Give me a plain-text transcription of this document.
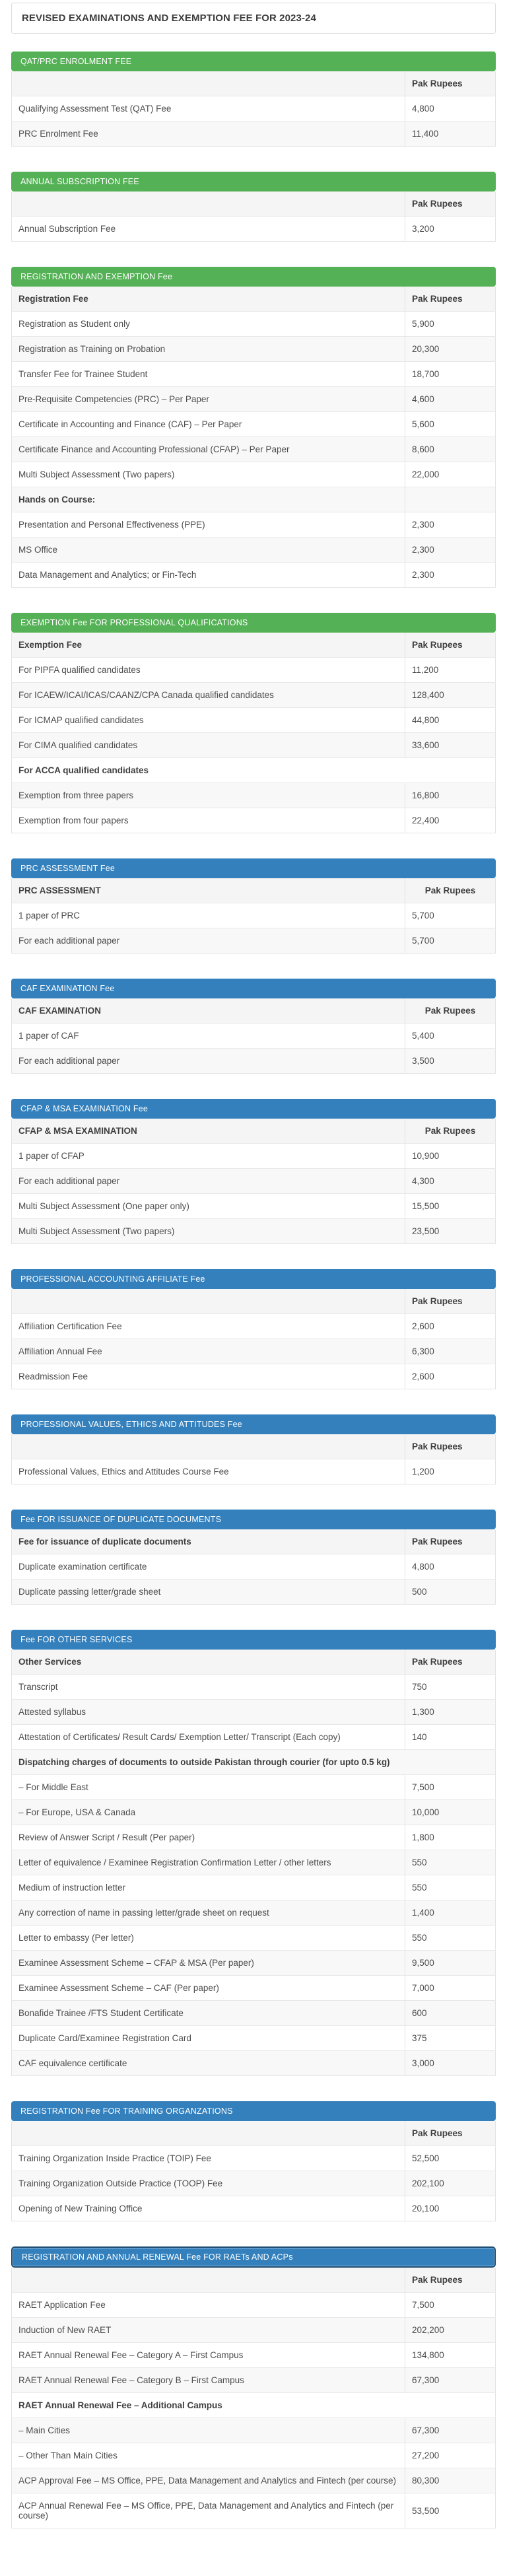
REVISED EXAMINATIONS AND EXEMPTION FEE FOR 2023-24
QAT/PRC ENROLMENT FEE
	Pak Rupees
Qualifying Assessment Test (QAT) Fee	4,800
PRC Enrolment Fee	11,400
ANNUAL SUBSCRIPTION FEE
	Pak Rupees
Annual Subscription Fee	3,200
REGISTRATION AND EXEMPTION Fee
Registration Fee	Pak Rupees
Registration as Student only	5,900
Registration as Training on Probation	20,300
Transfer Fee for Trainee Student	18,700
Pre-Requisite Competencies (PRC) – Per Paper	4,600
Certificate in Accounting and Finance (CAF) – Per Paper	5,600
Certificate Finance and Accounting Professional (CFAP) – Per Paper	8,600
Multi Subject Assessment (Two papers)	22,000
Hands on Course:	
Presentation and Personal Effectiveness (PPE)	2,300
MS Office	2,300
Data Management and Analytics; or Fin-Tech	2,300
EXEMPTION Fee FOR PROFESSIONAL QUALIFICATIONS
Exemption Fee	Pak Rupees
For PIPFA qualified candidates	11,200
For ICAEW/ICAI/ICAS/CAANZ/CPA Canada qualified candidates	128,400
For ICMAP qualified candidates	44,800
For CIMA qualified candidates	33,600
For ACCA qualified candidates	
Exemption from three papers	16,800
Exemption from four papers	22,400
PRC ASSESSMENT Fee
PRC ASSESSMENT	Pak Rupees
1 paper of PRC	5,700
For each additional paper	5,700
CAF EXAMINATION Fee
CAF EXAMINATION	Pak Rupees
1 paper of CAF	5,400
For each additional paper	3,500
CFAP & MSA EXAMINATION Fee
CFAP & MSA EXAMINATION	Pak Rupees
1 paper of CFAP	10,900
For each additional paper	4,300
Multi Subject Assessment (One paper only)	15,500
Multi Subject Assessment (Two papers)	23,500
PROFESSIONAL ACCOUNTING AFFILIATE Fee
	Pak Rupees
Affiliation Certification Fee	2,600
Affiliation Annual Fee	6,300
Readmission Fee	2,600
PROFESSIONAL VALUES, ETHICS AND ATTITUDES Fee
	Pak Rupees
Professional Values, Ethics and Attitudes Course Fee	1,200
Fee FOR ISSUANCE OF DUPLICATE DOCUMENTS
Fee for issuance of duplicate documents	Pak Rupees
Duplicate examination certificate	4,800
Duplicate passing letter/grade sheet	500
Fee FOR OTHER SERVICES
Other Services	Pak Rupees
Transcript	750
Attested syllabus	1,300
Attestation of Certificates/ Result Cards/ Exemption Letter/ Transcript (Each copy)	140
Dispatching charges of documents to outside Pakistan through courier (for upto 0.5 kg)	
– For Middle East	7,500
– For Europe, USA & Canada	10,000
Review of Answer Script / Result (Per paper)	1,800
Letter of equivalence / Examinee Registration Confirmation Letter / other letters	550
Medium of instruction letter	550
Any correction of name in passing letter/grade sheet on request	1,400
Letter to embassy (Per letter)	550
Examinee Assessment Scheme – CFAP & MSA (Per paper)	9,500
Examinee Assessment Scheme – CAF (Per paper)	7,000
Bonafide Trainee /FTS Student Certificate	600
Duplicate Card/Examinee Registration Card	375
CAF equivalence certificate	3,000
REGISTRATION Fee FOR TRAINING ORGANZATIONS
	Pak Rupees
Training Organization Inside Practice (TOIP) Fee	52,500
Training Organization Outside Practice (TOOP) Fee	202,100
Opening of New Training Office	20,100
REGISTRATION AND ANNUAL RENEWAL Fee FOR RAETs AND ACPs
	Pak Rupees
RAET Application Fee	7,500
Induction of New RAET	202,200
RAET Annual Renewal Fee – Category A – First Campus	134,800
RAET Annual Renewal Fee – Category B – First Campus	67,300
RAET Annual Renewal Fee – Additional Campus	
– Main Cities	67,300
– Other Than Main Cities	27,200
ACP Approval Fee – MS Office, PPE, Data Management and Analytics and Fintech (per course)	80,300
ACP Annual Renewal Fee – MS Office, PPE, Data Management and Analytics and Fintech (per course)	53,500
